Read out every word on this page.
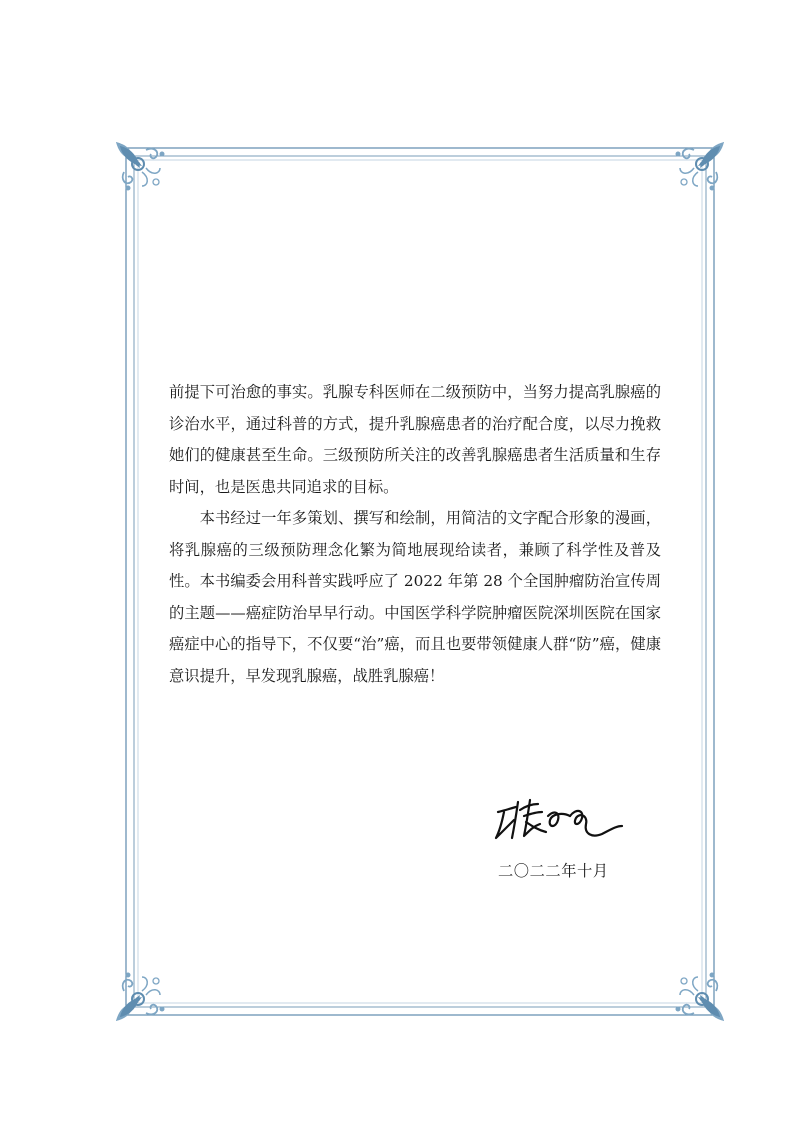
前提下可治愈的事实。乳腺专科医师在二级预防中，当努力提高乳腺癌的诊治水平，通过科普的方式，提升乳腺癌患者的治疗配合度，以尽力挽救她们的健康甚至生命。三级预防所关注的改善乳腺癌患者生活质量和生存时间，也是医患共同追求的目标。

本书经过一年多策划、撰写和绘制，用简洁的文字配合形象的漫画，将乳腺癌的三级预防理念化繁为简地展现给读者，兼顾了科学性及普及性。本书编委会用科普实践呼应了 2022 年第 28 个全国肿瘤防治宣传周的主题——癌症防治早早行动。中国医学科学院肿瘤医院深圳医院在国家癌症中心的指导下，不仅要“治”癌，而且也要带领健康人群“防”癌，健康意识提升，早发现乳腺癌，战胜乳腺癌！

二〇二二年十月
